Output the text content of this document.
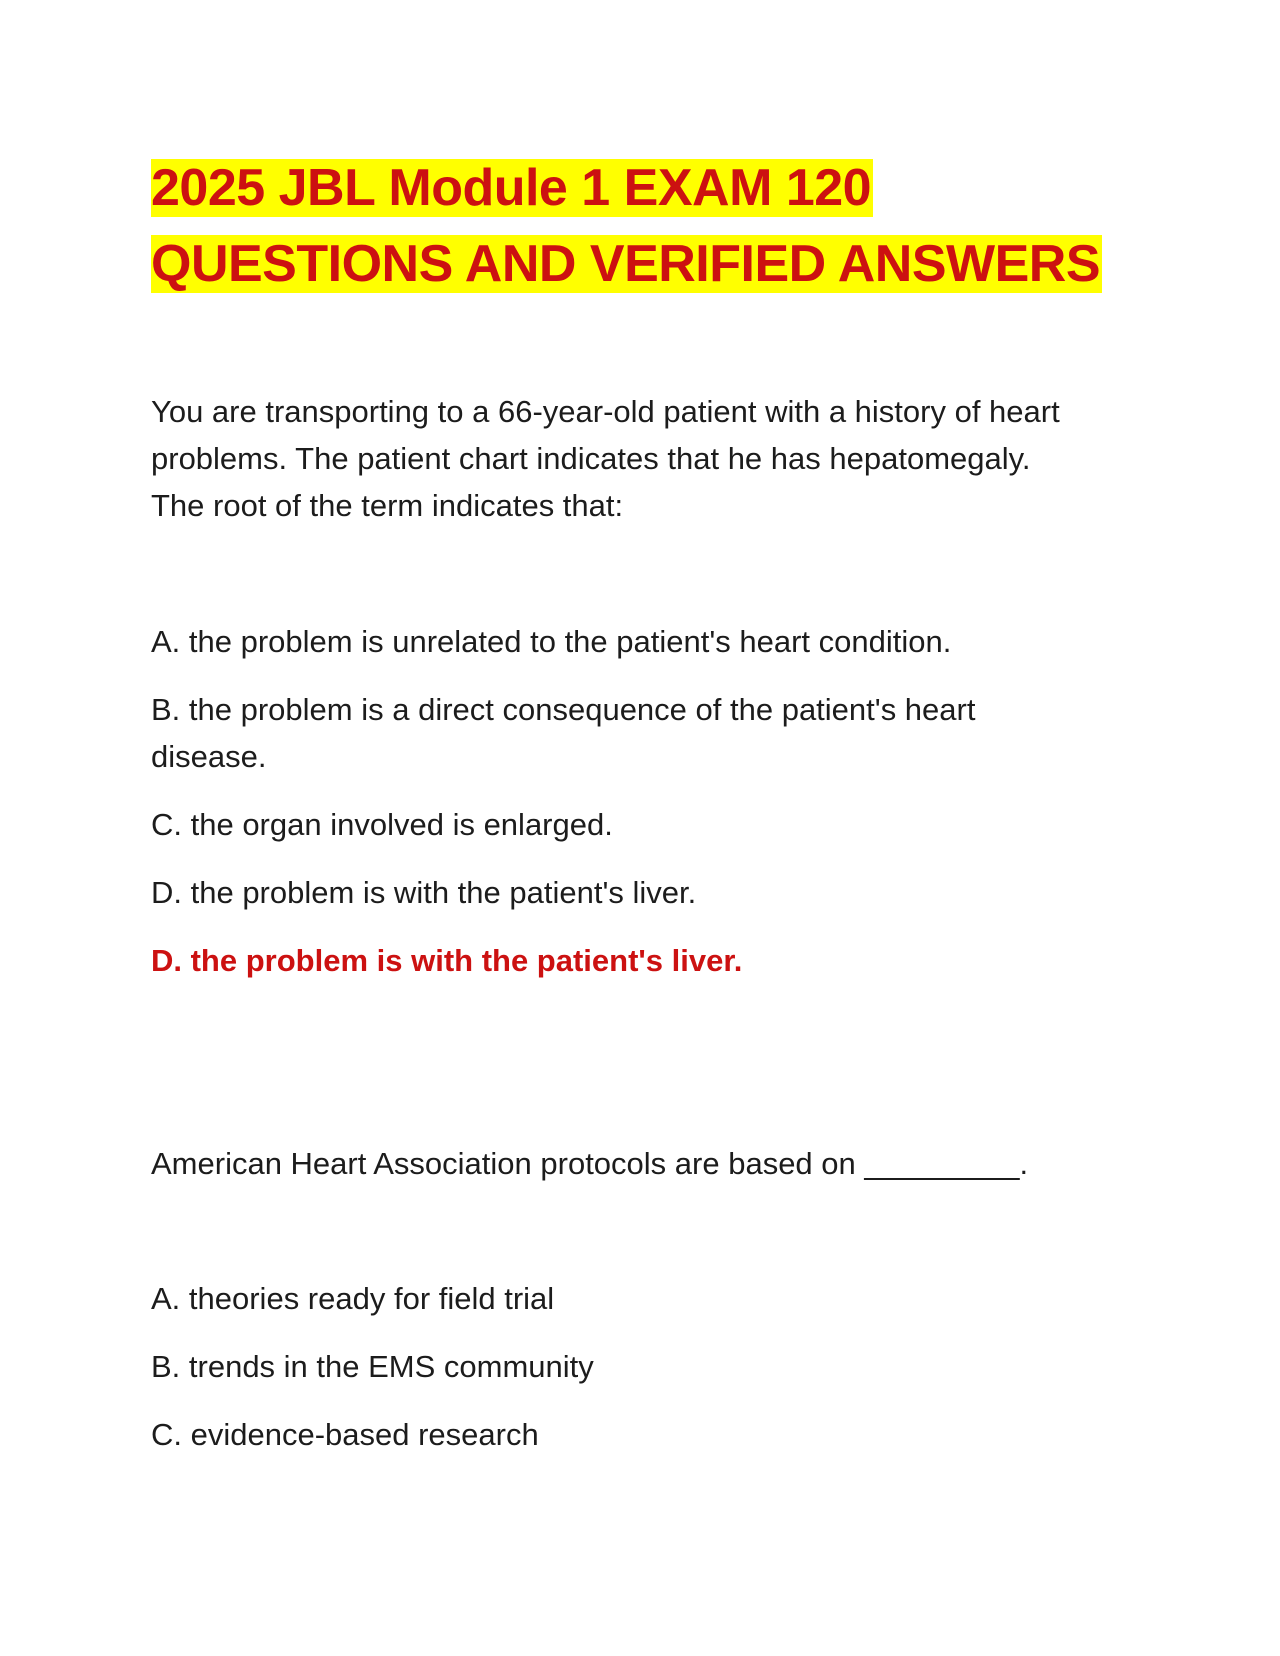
2025 JBL Module 1 EXAM 120 QUESTIONS AND VERIFIED ANSWERS

You are transporting to a 66-year-old patient with a history of heart problems. The patient chart indicates that he has hepatomegaly. The root of the term indicates that:

A. the problem is unrelated to the patient's heart condition.

B. the problem is a direct consequence of the patient's heart disease.

C. the organ involved is enlarged.

D. the problem is with the patient's liver.

D. the problem is with the patient's liver.

American Heart Association protocols are based on _________.

A. theories ready for field trial

B. trends in the EMS community

C. evidence-based research
